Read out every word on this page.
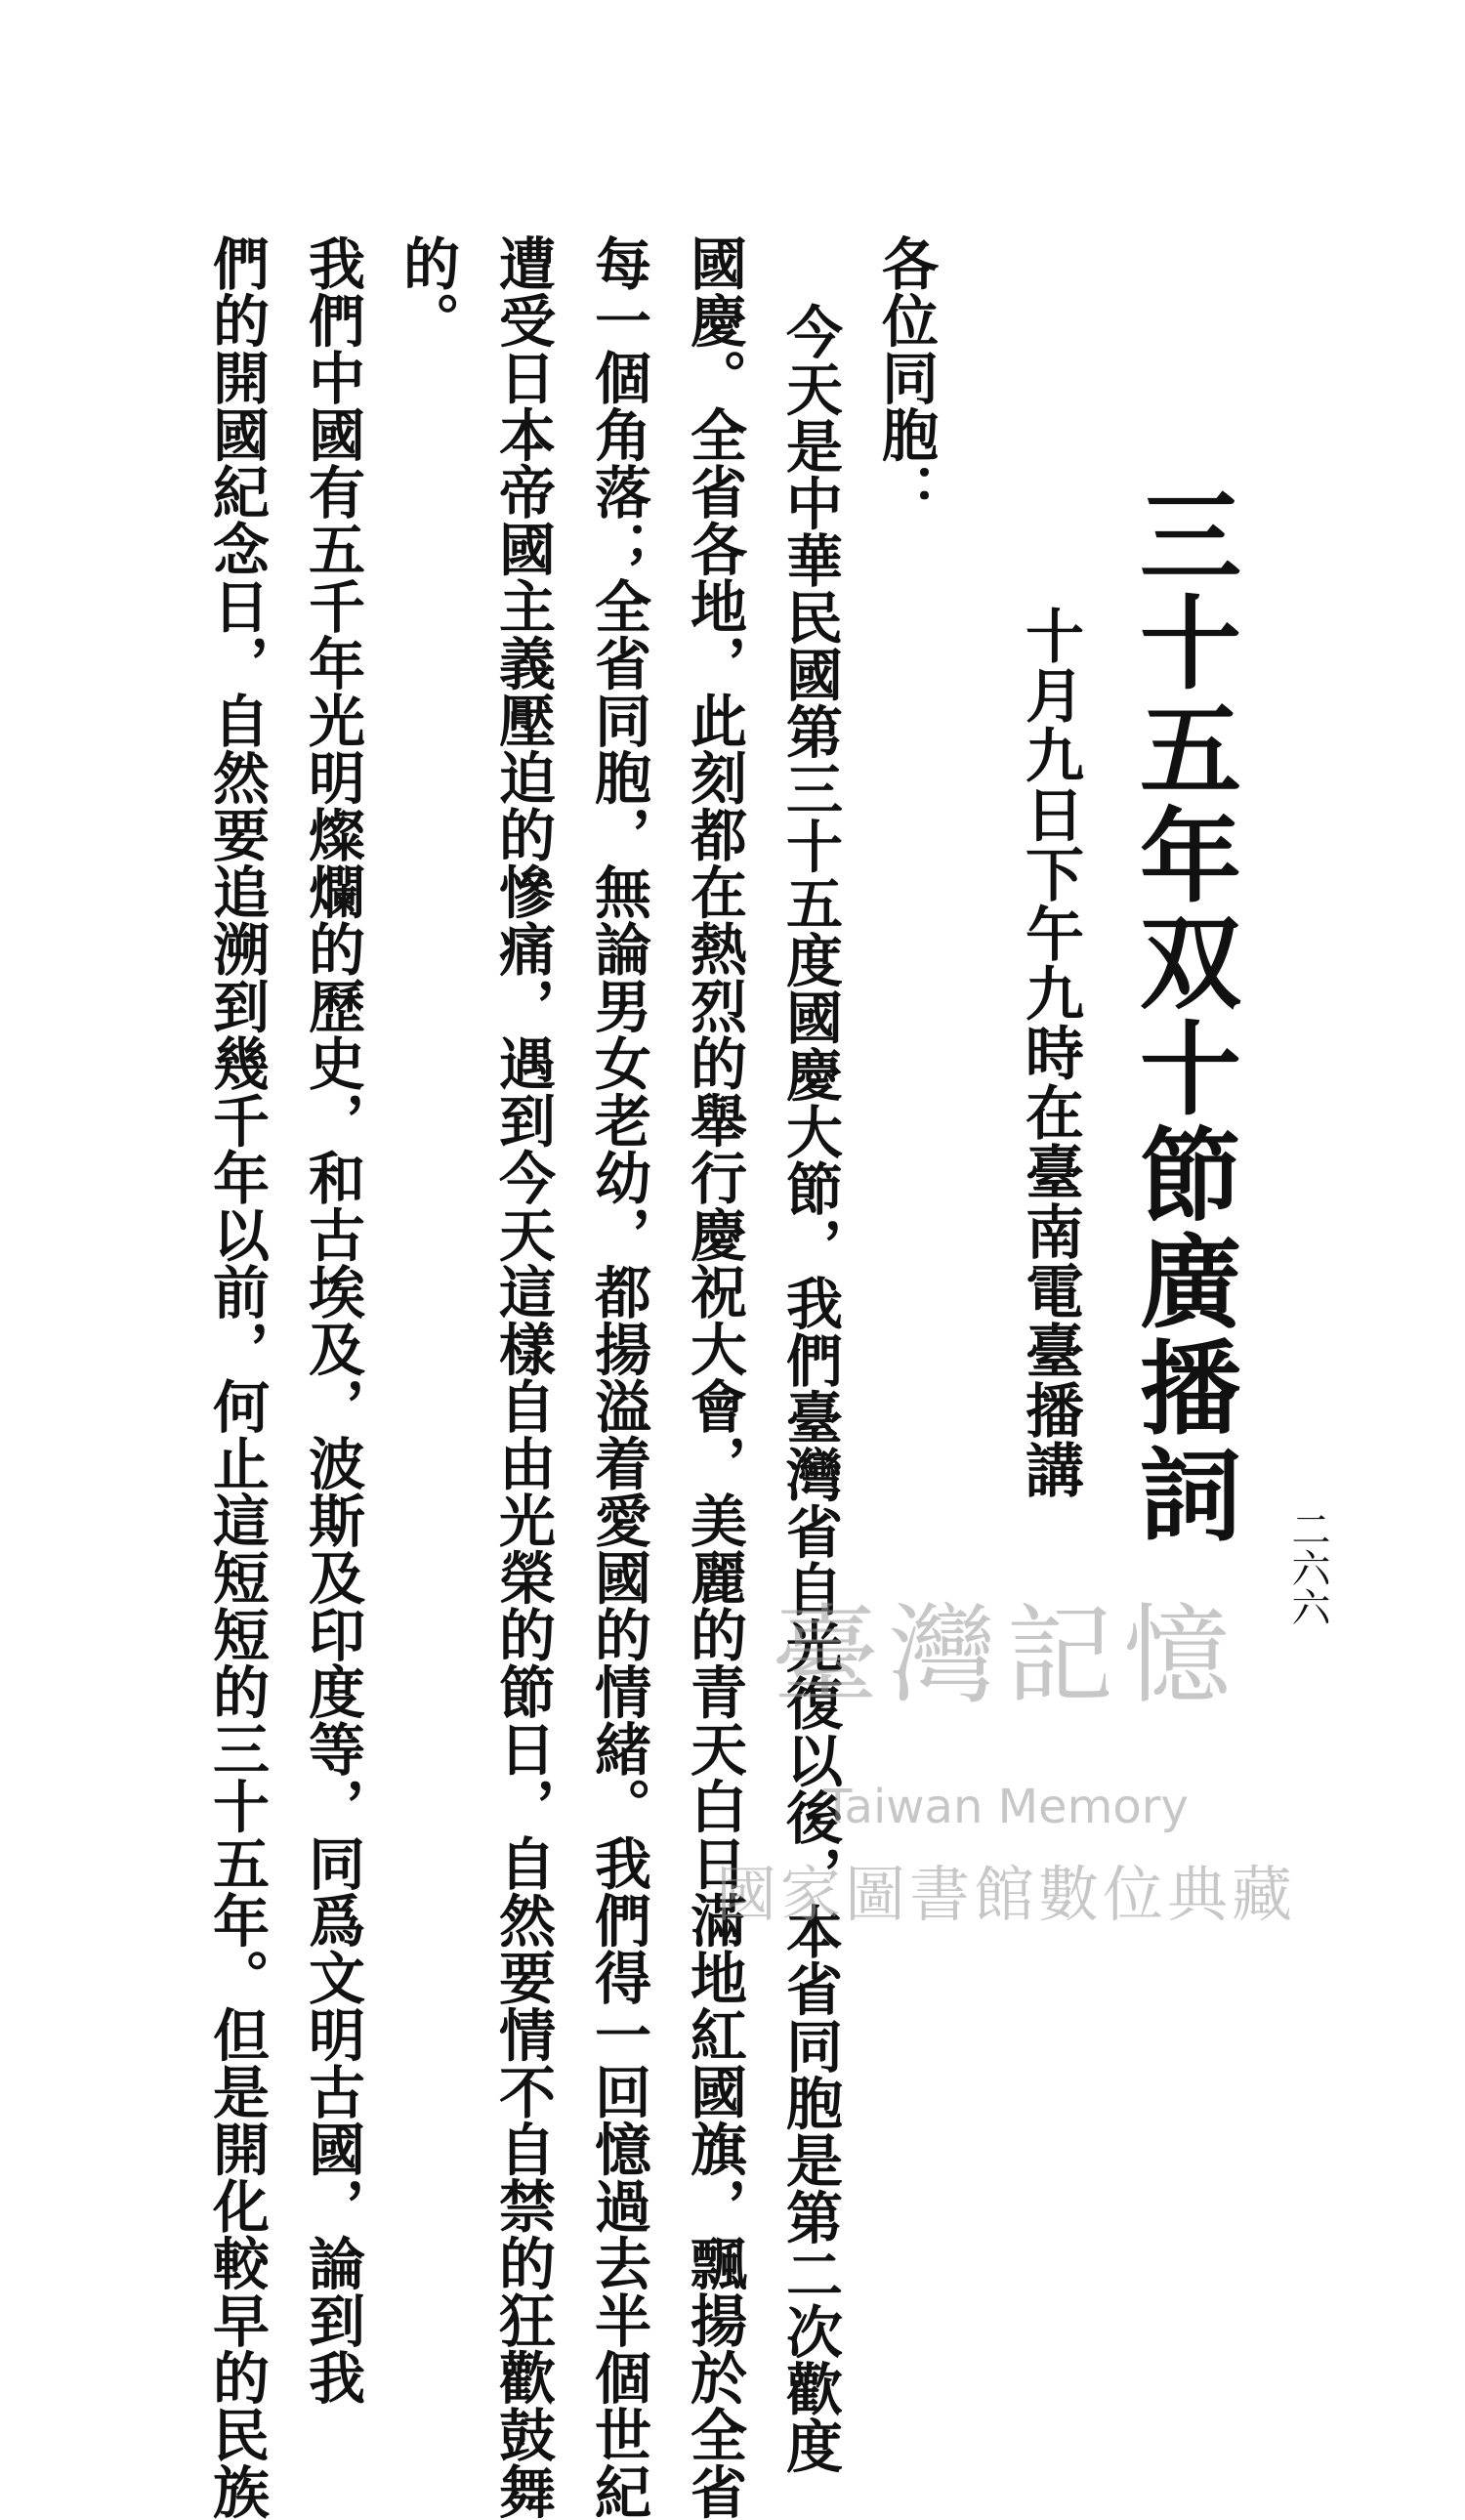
三十五年双十節廣播詞
十月九日下午九時在臺南電臺播講
二六六
各位同胞：
今天是中華民國第三十五度國慶大節，我們臺灣省自光復以後，本省同胞是第二次歡度
國慶。全省各地，此刻都在熱烈的舉行慶祝大會，美麗的青天白日滿地紅國旗，飄揚於全省
每一個角落；全省同胞，無論男女老幼，都揚溢着愛國的情緒。我們得一回憶過去半個世紀
遭受日本帝國主義壓迫的慘痛，遇到今天這樣自由光榮的節日，自然要情不自禁的狂歡鼓舞
的。
我們中國有五千年光明燦爛的歷史，和古埃及，波斯及印度等，同爲文明古國，論到我
們的開國紀念日，自然要追溯到幾千年以前，何止這短短的三十五年。但是開化較早的民族	臺灣記憶
Taiwan Memory
國家圖書館數位典藏
